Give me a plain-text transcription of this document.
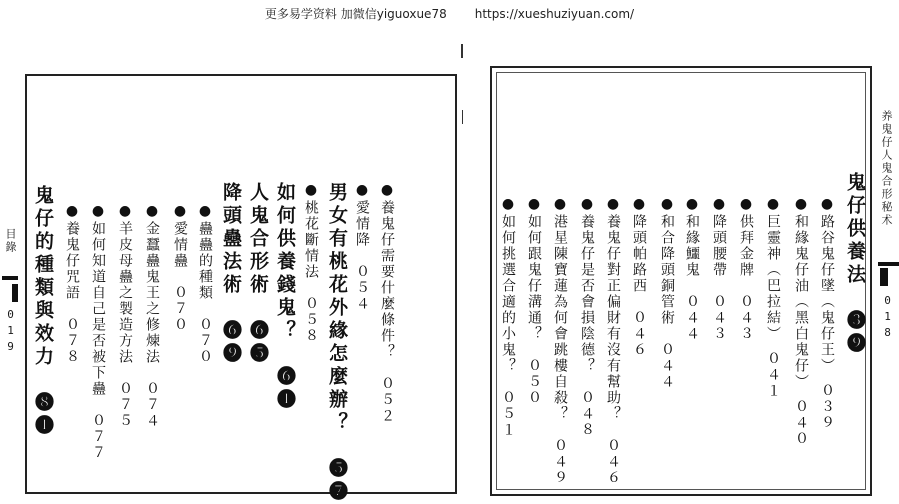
更多易学资料 加微信yiguoxue78 https://xueshuziyuan.com/
目錄
019	●養鬼仔需要什麼條件？　０５２
●愛情降　０５４
男女有桃花外緣怎麼辦？　❺❼
●桃花斷情法　０５８
如何供養錢鬼？　❻❶
人鬼合形術　❻❺
降頭蠱法術　❻❾
●蠱蠱的種類　０７０
●愛情蠱　０７０
●金蠶蠱鬼王之修煉法　０７４
●羊皮母蠱之製造方法　０７５
●如何知道自己是否被下蠱　０７７
●養鬼仔咒語　０７８
鬼仔的種類與效力　❽❶	鬼仔供養法　❸❾
●路谷鬼仔墜（鬼仔王）　０３９
●和緣鬼仔油（黑白鬼仔）　０４０
●巨靈神（巴拉結）　０４１
●供拜金牌　０４３
●降頭腰帶　０４３
●和緣鱷鬼　０４４
●和合降頭銅管術　０４４
●降頭帕路西　０４６
●養鬼仔對正偏財有沒有幫助？　０４６
●養鬼仔是否會損陰德？　０４８
●港星陳寶蓮為何會跳樓自殺？　０４９
●如何跟鬼仔溝通？　０５０
●如何挑選合適的小鬼？　０５１
养鬼仔人鬼合形秘术
018
